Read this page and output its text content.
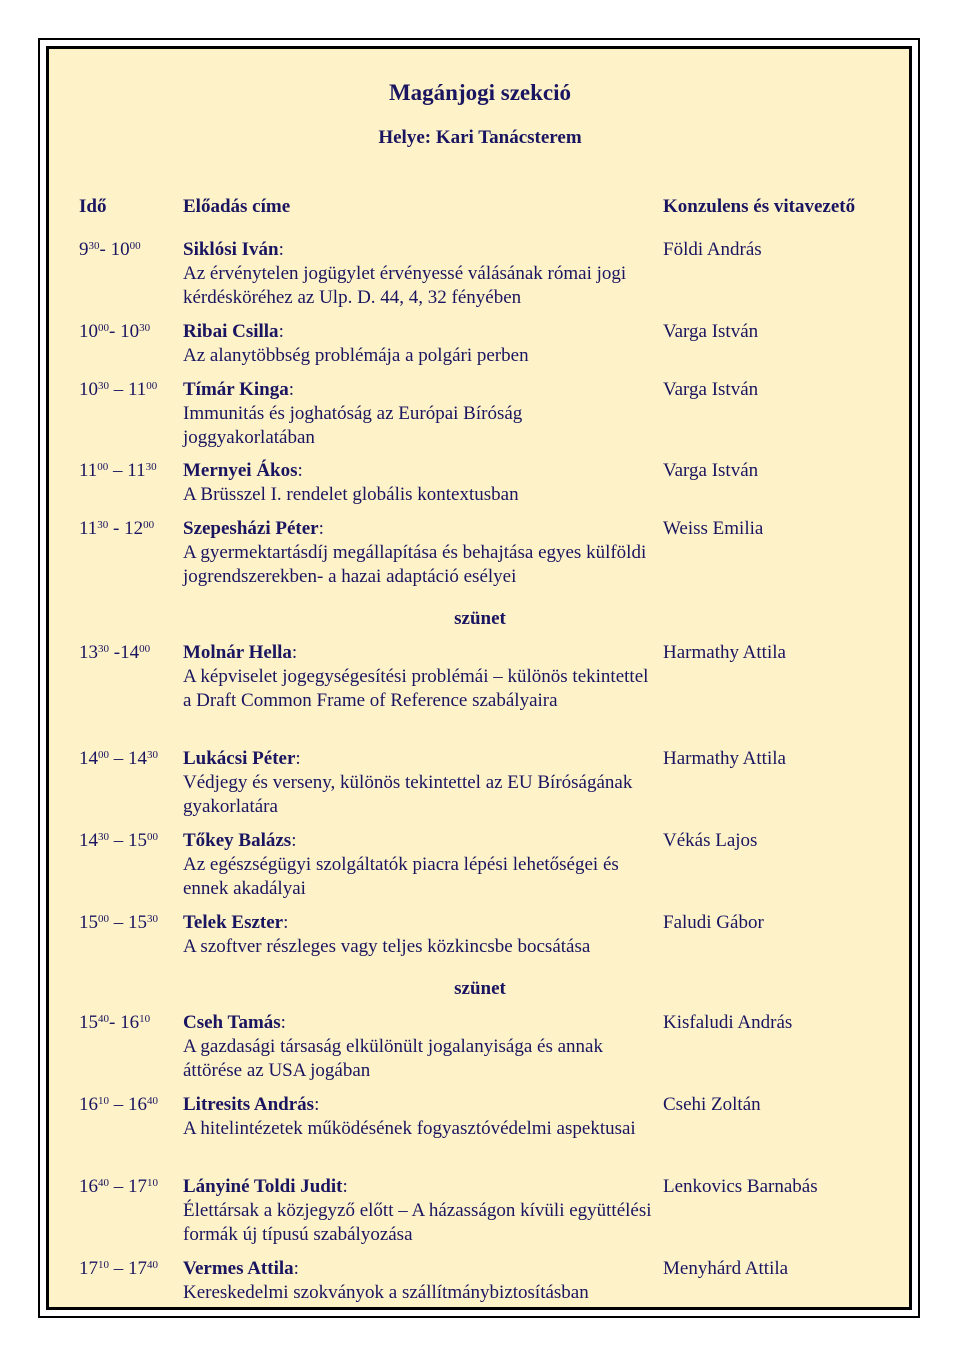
Magánjogi szekció
Helye: Kari Tanácsterem
Idő	Előadás címe	Konzulens és vitavezető
$9^{30}-$ $10^{00}$ Siklósi Iván:
Az érvénytelen jogügylet érvényessé válásának római jogi kérdésköréhez az Ulp. D. 44, 4, 32 fényében
Földi András
$10^{00}-$ $10^{30}$ Ribai Csilla:
Az alanytöbbség problémája a polgári perben
Varga István
$10^{30} - 11^{00}$ Tímár Kinga:
Immunitás és joghatóság az Európai Bíróság joggyakorlatában
Varga István
$11^{00} - 11^{30}$ Mernyei Ákos:
A Brüsszel I. rendelet globális kontextusban
Varga István
$11^{30} - 12^{00}$ Szepesházi Péter:
A gyermektartásdíj megállapítása és behajtása egyes külföldi jogrendszerekben- a hazai adaptáció esélyei
Weiss Emilia
$13^{30}$ $-14^{00}$ Molnár Hella:
A képviselet jogegységesítési problémái – különös tekintettel a Draft Common Frame of Reference szabályaira
Harmathy Attila
$14^{00} - 14^{30}$ Lukácsi Péter:
Védjegy és verseny, különös tekintettel az EU Bíróságának gyakorlatára
Harmathy Attila
$14^{30} - 15^{00}$ Tőkey Balázs:
Az egészségügyi szolgáltatók piacra lépési lehetőségei és ennek akadályai
Vékás Lajos
$15^{00} - 15^{30}$ Telek Eszter:
A szoftver részleges vagy teljes közkincsbe bocsátása
Faludi Gábor
$15^{40}-$ $16^{10}$ Cseh Tamás:
A gazdasági társaság elkülönült jogalanyisága és annak áttörése az USA jogában
Kisfaludi András
$16^{10} - 16^{40}$ Litresits András:
A hitelintézetek működésének fogyasztóvédelmi aspektusai
Csehi Zoltán
$16^{40} - 17^{10}$ Lányiné Toldi Judit:
Élettársak a közjegyző előtt – A házasságon kívüli együttélési formák új típusú szabályozása
Lenkovics Barnabás
$17^{10} - 17^{40}$ Vermes Attila:
Kereskedelmi szokványok a szállítmánybiztosításban
Menyhárd Attila
szünet
szünet
